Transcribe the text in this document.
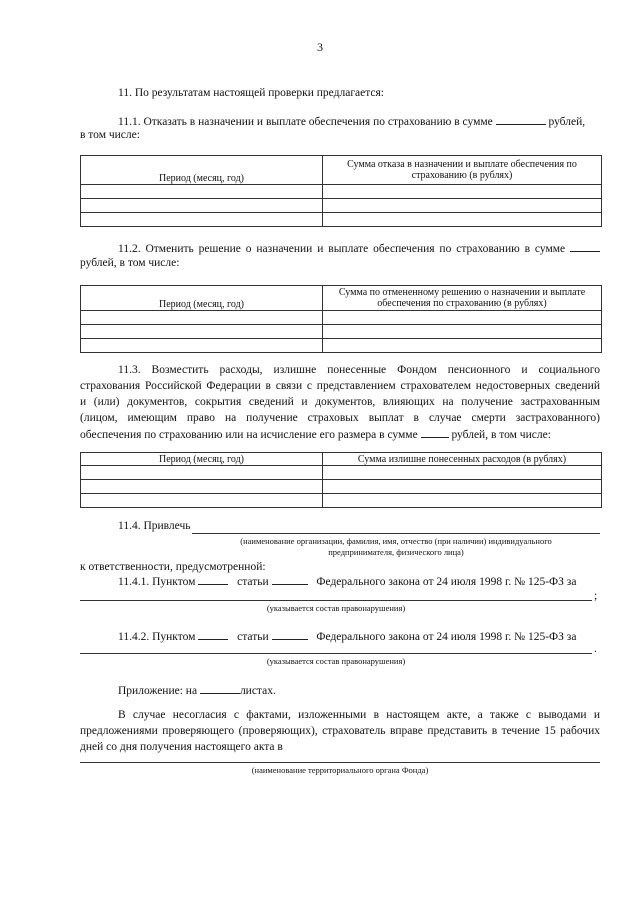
3
11. По результатам настоящей проверки предлагается:
11.1. Отказать в назначении и выплате обеспечения по страхованию в сумме	рублей,
в том числе:
Период (месяц, год)	Сумма отказа в назначении и выплате обеспечения по страхованию (в рублях)

11.2. Отменить решение о назначении и выплате обеспечения по страхованию в сумме
рублей, в том числе:
Период (месяц, год)	Сумма по отмененному решению о назначении и выплате обеспечения по страхованию (в рублях)

11.3. Возместить расходы, излишне понесенные Фондом пенсионного и социального
страхования Российской Федерации в связи с представлением страхователем недостоверных сведений
и (или) документов, сокрытия сведений и документов, влияющих на получение застрахованным
(лицом, имеющим право на получение страховых выплат в случае смерти застрахованного)
обеспечения по страхованию или на исчисление его размера в сумме	рублей, в том числе:
Период (месяц, год)	Сумма излишне понесенных расходов (в рублях)

11.4. Привлечь
(наименование организации, фамилия, имя, отчество (при наличии) индивидуального
предпринимателя, физического лица)
к ответственности, предусмотренной:
11.4.1. Пунктом	статьи	Федерального закона от 24 июля 1998 г. № 125-ФЗ за
;
(указывается состав правонарушения)
11.4.2. Пунктом	статьи	Федерального закона от 24 июля 1998 г. № 125-ФЗ за
.
(указывается состав правонарушения)
Приложение: на	листах.
В случае несогласия с фактами, изложенными в настоящем акте, а также с выводами и
предложениями проверяющего (проверяющих), страхователь вправе представить в течение 15 рабочих
дней со дня получения настоящего акта в
(наименование территориального органа Фонда)
